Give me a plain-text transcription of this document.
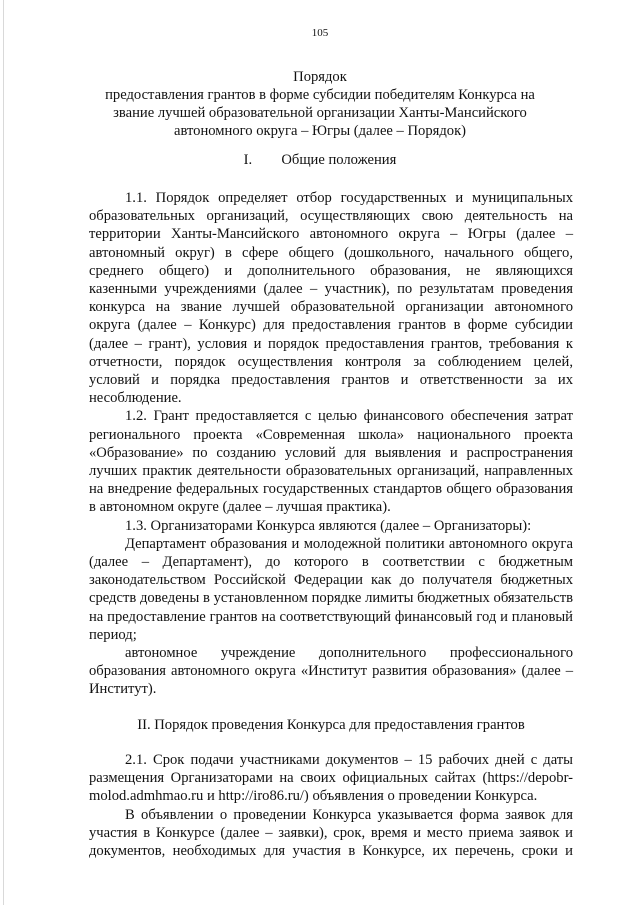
105
Порядок
предоставления грантов в форме субсидии победителям Конкурса на
звание лучшей образовательной организации Ханты-Мансийского
автономного округа – Югры (далее – Порядок)
I.        Общие положения

1.1. Порядок определяет отбор государственных и муниципальных образовательных организаций, осуществляющих свою деятельность на территории Ханты-Мансийского автономного округа – Югры (далее – автономный округ) в сфере общего (дошкольного, начального общего, среднего общего) и дополнительного образования, не являющихся казенными учреждениями (далее – участник), по результатам проведения конкурса на звание лучшей образовательной организации автономного округа (далее – Конкурс) для предоставления грантов в форме субсидии (далее – грант), условия и порядок предоставления грантов, требования к отчетности, порядок осуществления контроля за соблюдением целей, условий и порядка предоставления грантов и ответственности за их несоблюдение.

1.2. Грант предоставляется с целью финансового обеспечения затрат регионального проекта «Современная школа» национального проекта «Образование» по созданию условий для выявления и распространения лучших практик деятельности образовательных организаций, направленных на внедрение федеральных государственных стандартов общего образования в автономном округе (далее – лучшая практика).

1.3. Организаторами Конкурса являются (далее – Организаторы):

Департамент образования и молодежной политики автономного округа (далее – Департамент), до которого в соответствии с бюджетным законодательством Российской Федерации как до получателя бюджетных средств доведены в установленном порядке лимиты бюджетных обязательств на предоставление грантов на соответствующий финансовый год и плановый период;

автономное учреждение дополнительного профессионального образования автономного округа «Институт развития образования» (далее – Институт).

II. Порядок проведения Конкурса для предоставления грантов

2.1. Срок подачи участниками документов – 15 рабочих дней с даты размещения Организаторами на своих официальных сайтах (https://depobr-molod.admhmao.ru и http://iro86.ru/) объявления о проведении Конкурса.

В объявлении о проведении Конкурса указывается форма заявок для участия в Конкурсе (далее – заявки), срок, время и место приема заявок и документов, необходимых для участия в Конкурсе, их перечень, сроки и
